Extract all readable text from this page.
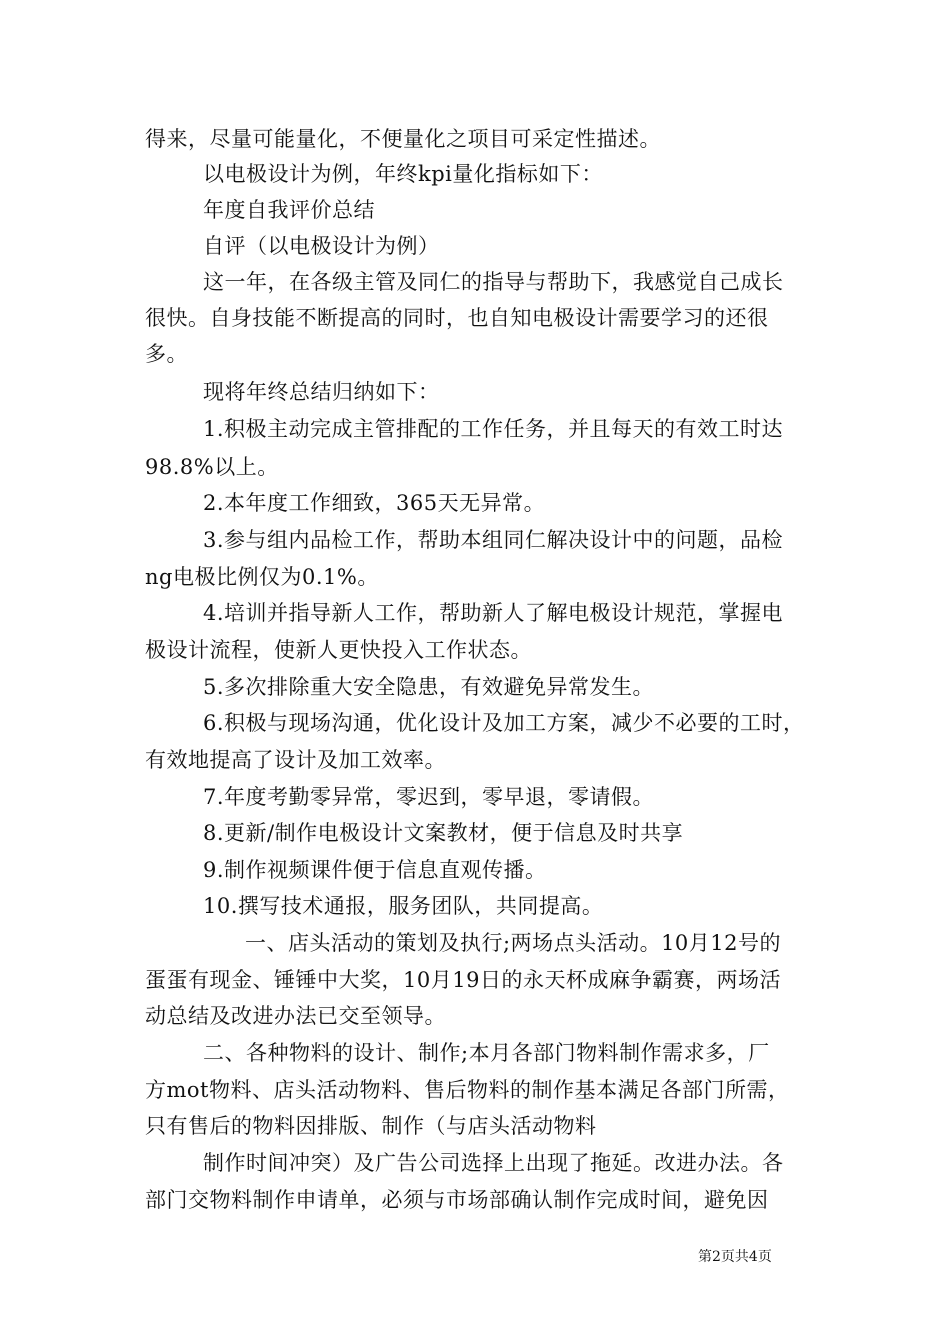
得来，尽量可能量化，不便量化之项目可采定性描述。
以电极设计为例，年终kpi量化指标如下：
年度自我评价总结
自评（以电极设计为例）
这一年，在各级主管及同仁的指导与帮助下，我感觉自己成长
很快。自身技能不断提高的同时，也自知电极设计需要学习的还很
多。
现将年终总结归纳如下：
1.积极主动完成主管排配的工作任务，并且每天的有效工时达
98.8%以上。
2.本年度工作细致，365天无异常。
3.参与组内品检工作，帮助本组同仁解决设计中的问题，品检
ng电极比例仅为0.1%。
4.培训并指导新人工作，帮助新人了解电极设计规范，掌握电
极设计流程，使新人更快投入工作状态。
5.多次排除重大安全隐患，有效避免异常发生。
6.积极与现场沟通，优化设计及加工方案，减少不必要的工时，
有效地提高了设计及加工效率。
7.年度考勤零异常，零迟到，零早退，零请假。
8.更新/制作电极设计文案教材，便于信息及时共享
9.制作视频课件便于信息直观传播。
10.撰写技术通报，服务团队，共同提高。
一、店头活动的策划及执行;两场点头活动。10月12号的
蛋蛋有现金、锤锤中大奖，10月19日的永天杯成麻争霸赛，两场活
动总结及改进办法已交至领导。
二、各种物料的设计、制作;本月各部门物料制作需求多，厂
方mot物料、店头活动物料、售后物料的制作基本满足各部门所需，
只有售后的物料因排版、制作（与店头活动物料
制作时间冲突）及广告公司选择上出现了拖延。改进办法。各
部门交物料制作申请单，必须与市场部确认制作完成时间，避免因
第2页共4页
